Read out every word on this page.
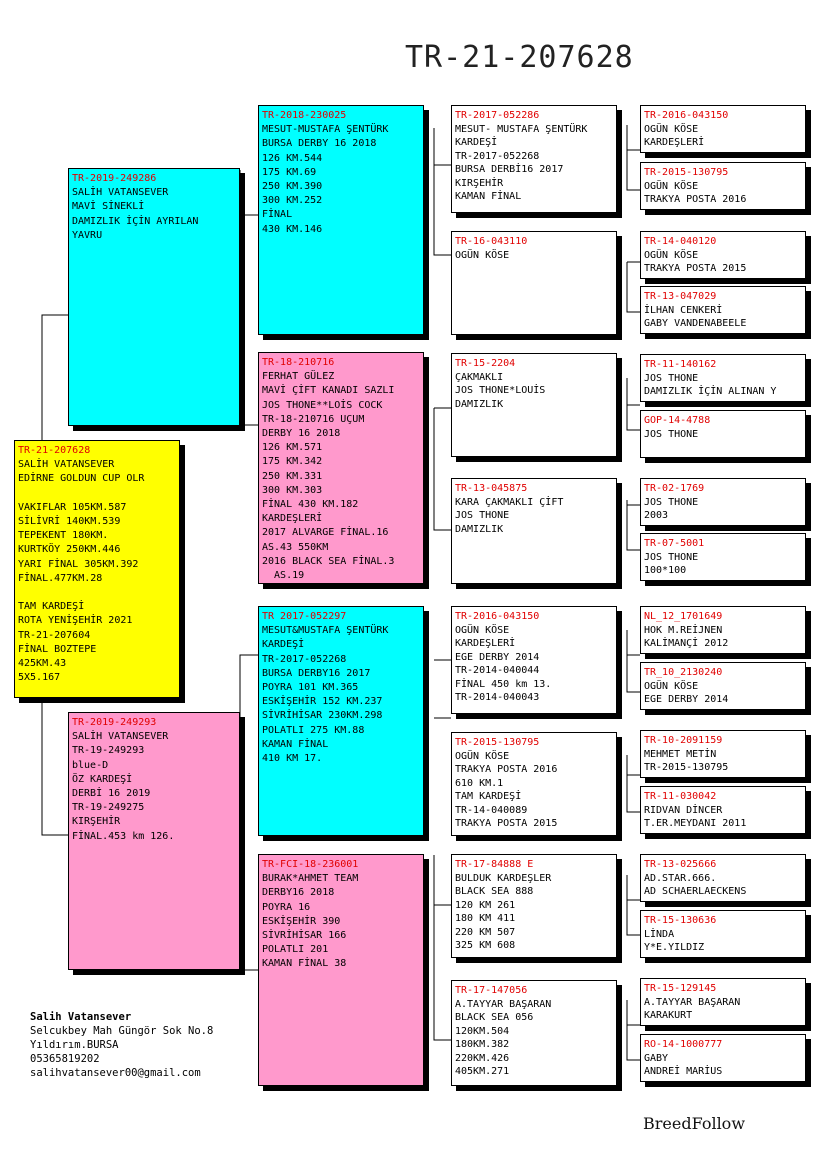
TR-21-207628
TR-21-207628
SALİH VATANSEVER
EDİRNE GOLDUN CUP OLR

VAKIFLAR 105KM.587
SİLİVRİ 140KM.539
TEPEKENT 180KM.
KURTKÖY 250KM.446
YARI FİNAL 305KM.392
FİNAL.477KM.28

TAM KARDEŞİ
ROTA YENİŞEHİR 2021
TR-21-207604
FİNAL BOZTEPE
425KM.43
5X5.167
TR-2019-249286
SALİH VATANSEVER
MAVİ SİNEKLİ
DAMIZLIK İÇİN AYRILAN
YAVRU
TR-2019-249293
SALİH VATANSEVER
TR-19-249293
blue-D
ÖZ KARDEŞİ
DERBİ 16 2019
TR-19-249275
KIRŞEHİR
FİNAL.453 km 126.
TR-2018-230025
MESUT-MUSTAFA ŞENTÜRK
BURSA DERBY 16 2018
126 KM.544
175 KM.69
250 KM.390
300 KM.252
FİNAL
430 KM.146
TR-18-210716
FERHAT GÜLEZ
MAVİ ÇİFT KANADI SAZLI
JOS THONE**LOİS COCK
TR-18-210716 UÇUM
DERBY 16 2018
126 KM.571
175 KM.342
250 KM.331
300 KM.303
FİNAL 430 KM.182
KARDEŞLERİ
2017 ALVARGE FİNAL.16
AS.43 550KM
2016 BLACK SEA FİNAL.3
AS.19
TR 2017-052297
MESUT&MUSTAFA ŞENTÜRK
KARDEŞİ
TR-2017-052268
BURSA DERBY16 2017
POYRA 101 KM.365
ESKİŞEHİR 152 KM.237
SİVRİHİSAR 230KM.298
POLATLI 275 KM.88
KAMAN FİNAL
410 KM 17.
TR-FCI-18-236001
BURAK*AHMET TEAM
DERBY16 2018
POYRA 16
ESKİŞEHİR 390
SİVRİHİSAR 166
POLATLI 201
KAMAN FİNAL 38
TR-2017-052286
MESUT- MUSTAFA ŞENTÜRK
KARDEŞİ
TR-2017-052268
BURSA DERBİ16 2017
KIRŞEHİR
KAMAN FİNAL
TR-16-043110
OGÜN KÖSE
TR-15-2204
ÇAKMAKLI
JOS THONE*LOUİS
DAMIZLIK
TR-13-045875
KARA ÇAKMAKLI ÇİFT
JOS THONE
DAMIZLIK
TR-2016-043150
OGÜN KÖSE
KARDEŞLERİ
EGE DERBY 2014
TR-2014-040044
FİNAL 450 km 13.
TR-2014-040043
TR-2015-130795
OGÜN KÖSE
TRAKYA POSTA 2016
610 KM.1
TAM KARDEŞİ
TR-14-040089
TRAKYA POSTA 2015
TR-17-84888 E
BULDUK KARDEŞLER
BLACK SEA 888
120 KM 261
180 KM 411
220 KM 507
325 KM 608
TR-17-147056
A.TAYYAR BAŞARAN
BLACK SEA 056
120KM.504
180KM.382
220KM.426
405KM.271
TR-2016-043150
OGÜN KÖSE
KARDEŞLERİ
TR-2015-130795
OGÜN KÖSE
TRAKYA POSTA 2016
TR-14-040120
OGÜN KÖSE
TRAKYA POSTA 2015
TR-13-047029
İLHAN CENKERİ
GABY VANDENABEELE
TR-11-140162
JOS THONE
DAMIZLIK İÇİN ALINAN Y
GOP-14-4788
JOS THONE
TR-02-1769
JOS THONE
2003
TR-07-5001
JOS THONE
100*100
NL_12_1701649
HOK M.REİJNEN
KALİMANÇİ 2012
TR_10_2130240
OGÜN KÖSE
EGE DERBY 2014
TR-10-2091159
MEHMET METİN
TR-2015-130795
TR-11-030042
RIDVAN DİNCER
T.ER.MEYDANI 2011
TR-13-025666
AD.STAR.666.
AD SCHAERLAECKENS
TR-15-130636
LİNDA
Y*E.YILDIZ
TR-15-129145
A.TAYYAR BAŞARAN
KARAKURT
RO-14-1000777
GABY
ANDREİ MARİUS
Salih Vatansever
Selcukbey Mah Güngör Sok No.8
Yıldırım.BURSA
05365819202
salihvatansever00@gmail.com
BreedFollow
